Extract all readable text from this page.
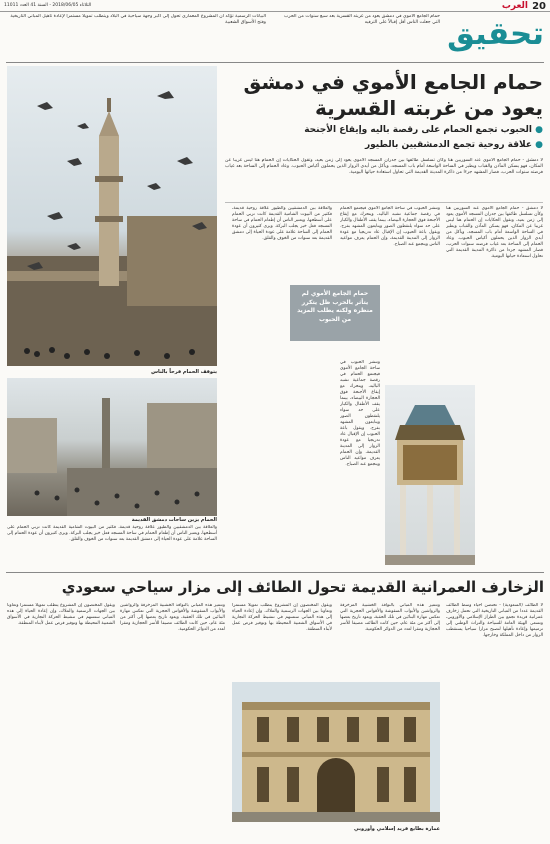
20
العرب
الثلاثاء 2018/06/05 - السنة 41 العدد 11011
تحقيق
حمام الجامع الأموي في دمشق يعود من غربته القسرية بعد سبع سنوات من الحرب التي جعلت الناس أقل إقبالاً على الترفيه
البيانات الرسمية تؤكد أن المشروع المعماري تحول إلى أكبر وجهة سياحية في البلاد ويتطلب تمويلاً مستمراً لإعادة تأهيل المباني التاريخية وفتح الأسواق الشعبية
حمام الجامع الأموي في دمشق
يعود من غربته القسرية
● الحبوب تجمع الحمام على رقصة باليه وإيقاع الأجنحة
● علاقة روحية تجمع الدمشقيين بالطيور
يتوقف الحمام فرحاً بالناس
الحمام يزين ساحات دمشق القديمة
لا دمشق - حمام الجامع الأموي عند السوريين هنا وكأن تسلسل طائفها بين جدران المسجد الأموي يعود إلى زمن بعيد، وتقول الحكايات إن الحمام هنا ليس غريبا عن المكان، فهو يسكن المآذن والقباب ويطير في الساحة الواسعة أمام باب المسجد، ويأكل من أيدي الزوار الذين يحملون أكياس الحبوب. وعاد الحمام إلى الساحة بعد غياب فرضته سنوات الحرب، فصار المشهد جزءا من ذاكرة المدينة القديمة التي تحاول استعادة حياتها اليومية.
لا دمشق - حمام الجامع الأموي عند السوريين هنا وكأن تسلسل طائفها بين جدران المسجد الأموي يعود إلى زمن بعيد، وتقول الحكايات إن الحمام هنا ليس غريبا عن المكان، فهو يسكن المآذن والقباب ويطير في الساحة الواسعة أمام باب المسجد، ويأكل من أيدي الزوار الذين يحملون أكياس الحبوب. وعاد الحمام إلى الساحة بعد غياب فرضته سنوات الحرب، فصار المشهد جزءا من ذاكرة المدينة القديمة التي تحاول استعادة حياتها اليومية.
وتنشر الحبوب في ساحة الجامع الأموي فيجتمع الحمام في رقصة جماعية تشبه الباليه، ويتحرك مع إيقاع الأجنحة فوق الحجارة البيضاء، بينما يقف الأطفال والكبار على حد سواء يلتقطون الصور ويتابعون المشهد بفرح. ويقول باعة الحبوب إن الإقبال عاد تدريجيا مع عودة الزوار إلى المدينة القديمة، وإن الحمام يعرف مواعيد الناس ويتجمع عند الصباح.
والعلاقة بين الدمشقيين والطيور علاقة روحية قديمة، فكثير من البيوت الشامية القديمة كانت تربي الحمام على أسطحها، ويعتبر الناس أن إطعام الحمام في ساحة المسجد فعل خير يجلب البركة. ويرى كثيرون أن عودة الحمام إلى الساحة علامة على عودة الحياة إلى دمشق القديمة بعد سنوات من الخوف والقلق.
حمام الجامع الأموي لم يتأثر بالحرب ظل يتكرر منظره ولكنه يطلب المزيد من الحبوب
وتنشر الحبوب في ساحة الجامع الأموي فيجتمع الحمام في رقصة جماعية تشبه الباليه، ويتحرك مع إيقاع الأجنحة فوق الحجارة البيضاء، بينما يقف الأطفال والكبار على حد سواء يلتقطون الصور ويتابعون المشهد بفرح. ويقول باعة الحبوب إن الإقبال عاد تدريجيا مع عودة الزوار إلى المدينة القديمة، وإن الحمام يعرف مواعيد الناس ويتجمع عند الصباح.
والعلاقة بين الدمشقيين والطيور علاقة روحية قديمة، فكثير من البيوت الشامية القديمة كانت تربي الحمام على أسطحها، ويعتبر الناس أن إطعام الحمام في ساحة المسجد فعل خير يجلب البركة. ويرى كثيرون أن عودة الحمام إلى الساحة علامة على عودة الحياة إلى دمشق القديمة بعد سنوات من الخوف والقلق.
الزخارف العمرانية القديمة تحول الطائف إلى مزار سياحي سعودي
لا الطائف (السعودية) - تحتضن أحياء وسط الطائف القديمة عددا من المباني التاريخية التي تحمل زخارف عمرانية فريدة تجمع بين الطراز الإسلامي والأوروبي، وتسعى الهيئة العامة للسياحة والتراث الوطني إلى ترميمها وإعادة تأهيلها لتصبح مزارا سياحيا يستقطب الزوار من داخل المملكة وخارجها.
وتتميز هذه المباني بالنوافذ الخشبية المزخرفة والرواشين والأبواب المنقوشة والأقواس الحجرية التي تعكس مهارة البنائين في تلك الحقبة، ويعود تاريخ بعضها إلى أكثر من مئة عام، حين كانت الطائف مصيفا للأسر الحجازية ومقرا لعدد من الدوائر الحكومية.
ويقول المختصون إن المشروع يتطلب تمويلا مستمرا وتعاونا بين الجهات الرسمية والملاك، وإن إعادة الحياة إلى هذه المباني ستسهم في تنشيط الحركة التجارية في الأسواق الشعبية المحيطة بها وتوفير فرص عمل لأبناء المنطقة.
وتتميز هذه المباني بالنوافذ الخشبية المزخرفة والرواشين والأبواب المنقوشة والأقواس الحجرية التي تعكس مهارة البنائين في تلك الحقبة، ويعود تاريخ بعضها إلى أكثر من مئة عام، حين كانت الطائف مصيفا للأسر الحجازية ومقرا لعدد من الدوائر الحكومية.
ويقول المختصون إن المشروع يتطلب تمويلا مستمرا وتعاونا بين الجهات الرسمية والملاك، وإن إعادة الحياة إلى هذه المباني ستسهم في تنشيط الحركة التجارية في الأسواق الشعبية المحيطة بها وتوفير فرص عمل لأبناء المنطقة.
عمارة بطابع فريد إسلامي وأوروبي
